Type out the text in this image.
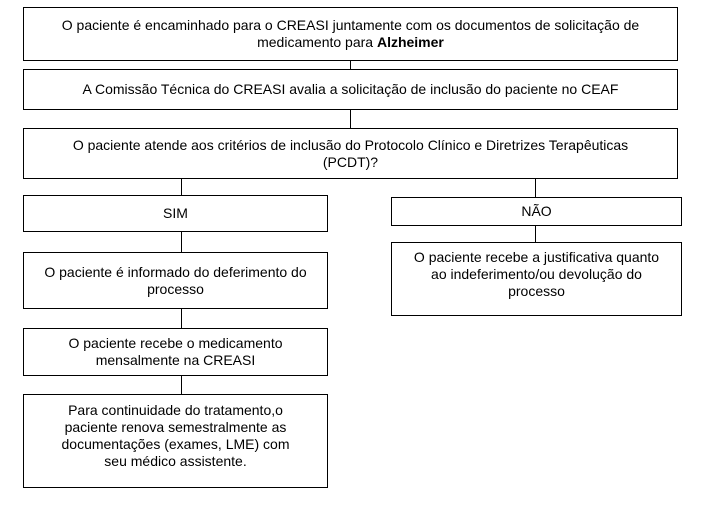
O paciente é encaminhado para o CREASI juntamente com os documentos de solicitação de medicamento para Alzheimer
A Comissão Técnica do CREASI avalia a solicitação de inclusão do paciente no CEAF
O paciente atende aos critérios de inclusão do Protocolo Clínico e Diretrizes Terapêuticas (PCDT)?
SIM	NÃO
O paciente é informado do deferimento do processo
O paciente recebe a justificativa quanto ao indeferimento/ou devolução do processo
O paciente recebe o medicamento mensalmente na CREASI
Para continuidade do tratamento,o paciente renova semestralmente as documentações (exames, LME) com seu médico assistente.
